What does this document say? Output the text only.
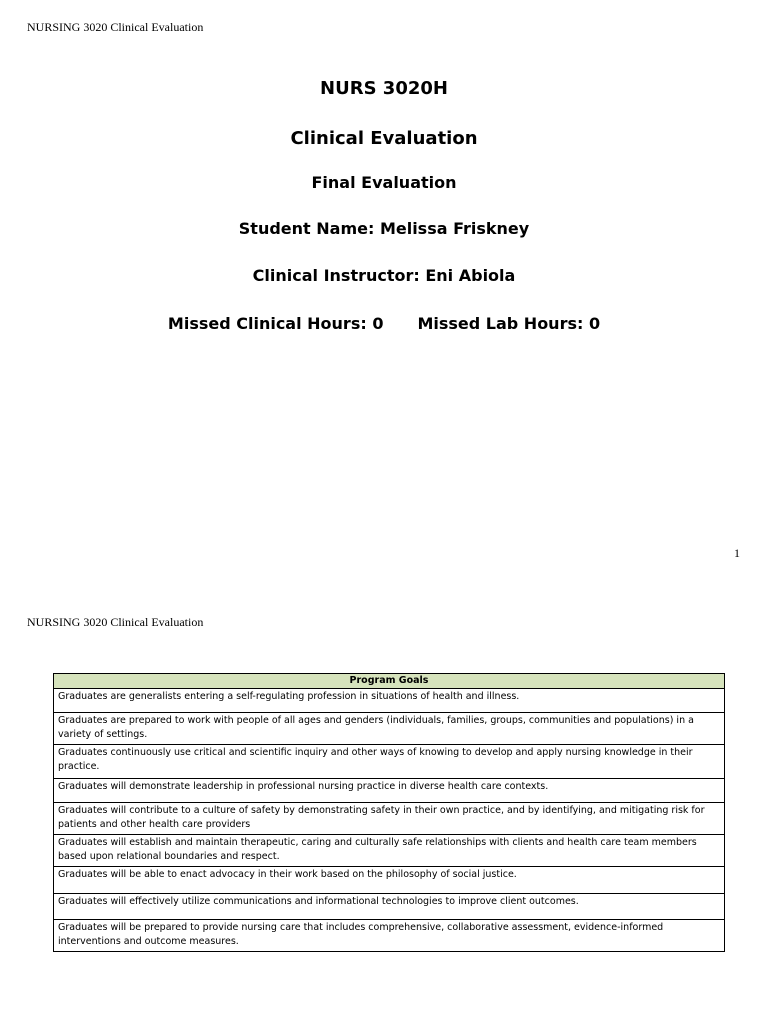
NURSING 3020 Clinical Evaluation
NURS 3020H
Clinical Evaluation
Final Evaluation
Student Name: Melissa Friskney
Clinical Instructor: Eni Abiola
Missed Clinical Hours: 0 Missed Lab Hours: 0
1
NURSING 3020 Clinical Evaluation
Program Goals
Graduates are generalists entering a self-regulating profession in situations of health and illness.
Graduates are prepared to work with people of all ages and genders (individuals, families, groups, communities and populations) in a variety of settings.
Graduates continuously use critical and scientific inquiry and other ways of knowing to develop and apply nursing knowledge in their practice.
Graduates will demonstrate leadership in professional nursing practice in diverse health care contexts.
Graduates will contribute to a culture of safety by demonstrating safety in their own practice, and by identifying, and mitigating risk for patients and other health care providers
Graduates will establish and maintain therapeutic, caring and culturally safe relationships with clients and health care team members based upon relational boundaries and respect.
Graduates will be able to enact advocacy in their work based on the philosophy of social justice.
Graduates will effectively utilize communications and informational technologies to improve client outcomes.
Graduates will be prepared to provide nursing care that includes comprehensive, collaborative assessment, evidence-informed interventions and outcome measures.
